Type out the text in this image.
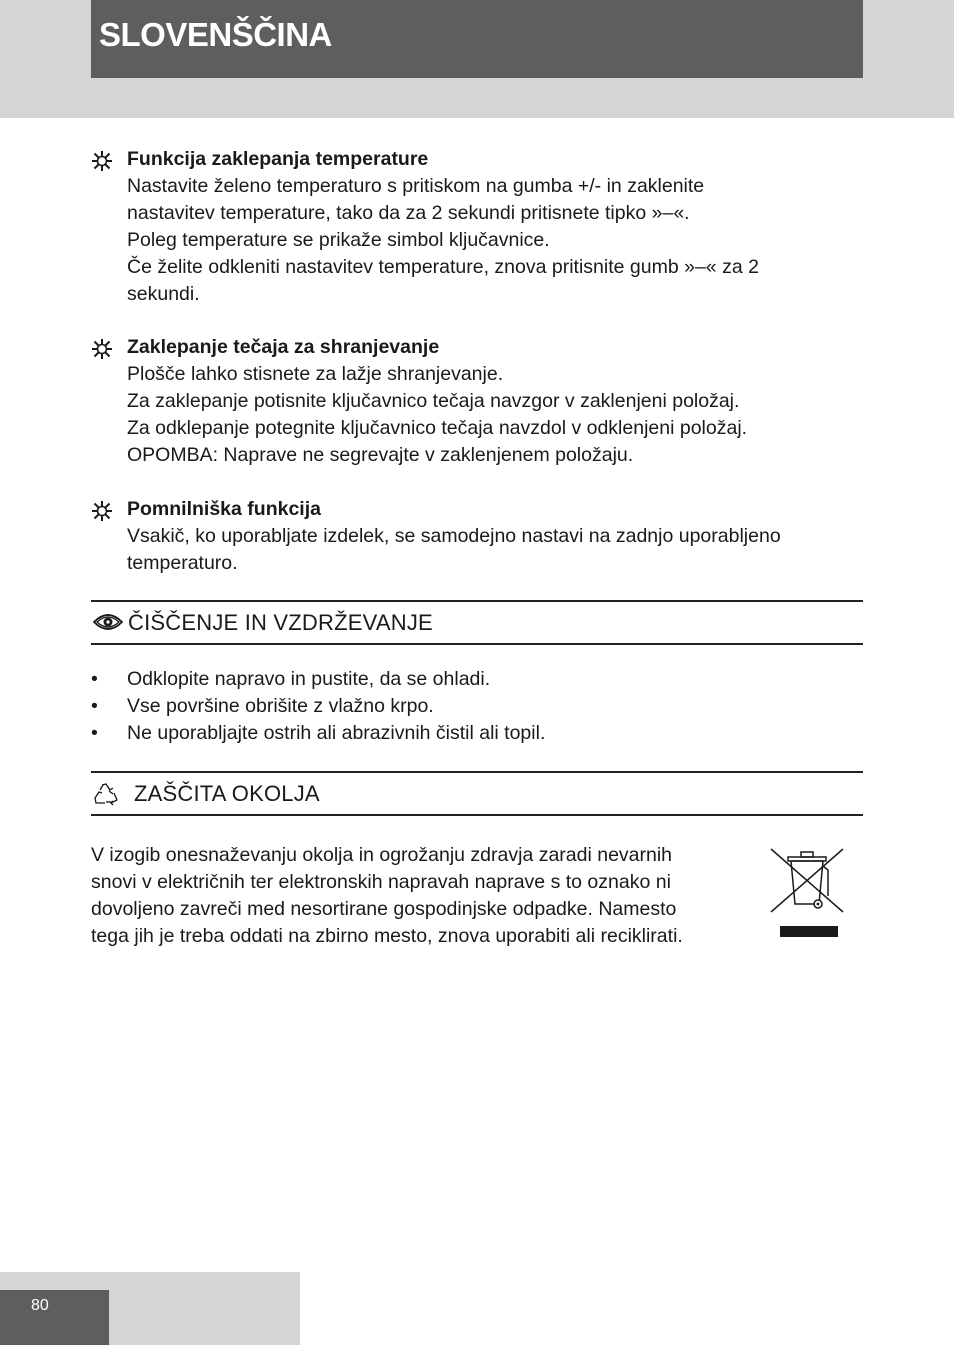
SLOVENŠČINA
Funkcija zaklepanja temperature
Nastavite želeno temperaturo s pritiskom na gumba +/- in zaklenite
nastavitev temperature, tako da za 2 sekundi pritisnete tipko »–«.
Poleg temperature se prikaže simbol ključavnice.
Če želite odkleniti nastavitev temperature, znova pritisnite gumb »–« za 2
sekundi.
Zaklepanje tečaja za shranjevanje
Plošče lahko stisnete za lažje shranjevanje.
Za zaklepanje potisnite ključavnico tečaja navzgor v zaklenjeni položaj.
Za odklepanje potegnite ključavnico tečaja navzdol v odklenjeni položaj.
OPOMBA: Naprave ne segrevajte v zaklenjenem položaju.
Pomnilniška funkcija
Vsakič, ko uporabljate izdelek, se samodejno nastavi na zadnjo uporabljeno
temperaturo.
ČIŠČENJE IN VZDRŽEVANJE
• Odklopite napravo in pustite, da se ohladi.
• Vse površine obrišite z vlažno krpo.
• Ne uporabljajte ostrih ali abrazivnih čistil ali topil.
ZAŠČITA OKOLJA
V izogib onesnaževanju okolja in ogrožanju zdravja zaradi nevarnih
snovi v električnih ter elektronskih napravah naprave s to oznako ni
dovoljeno zavreči med nesortirane gospodinjske odpadke. Namesto
tega jih je treba oddati na zbirno mesto, znova uporabiti ali reciklirati.
80
